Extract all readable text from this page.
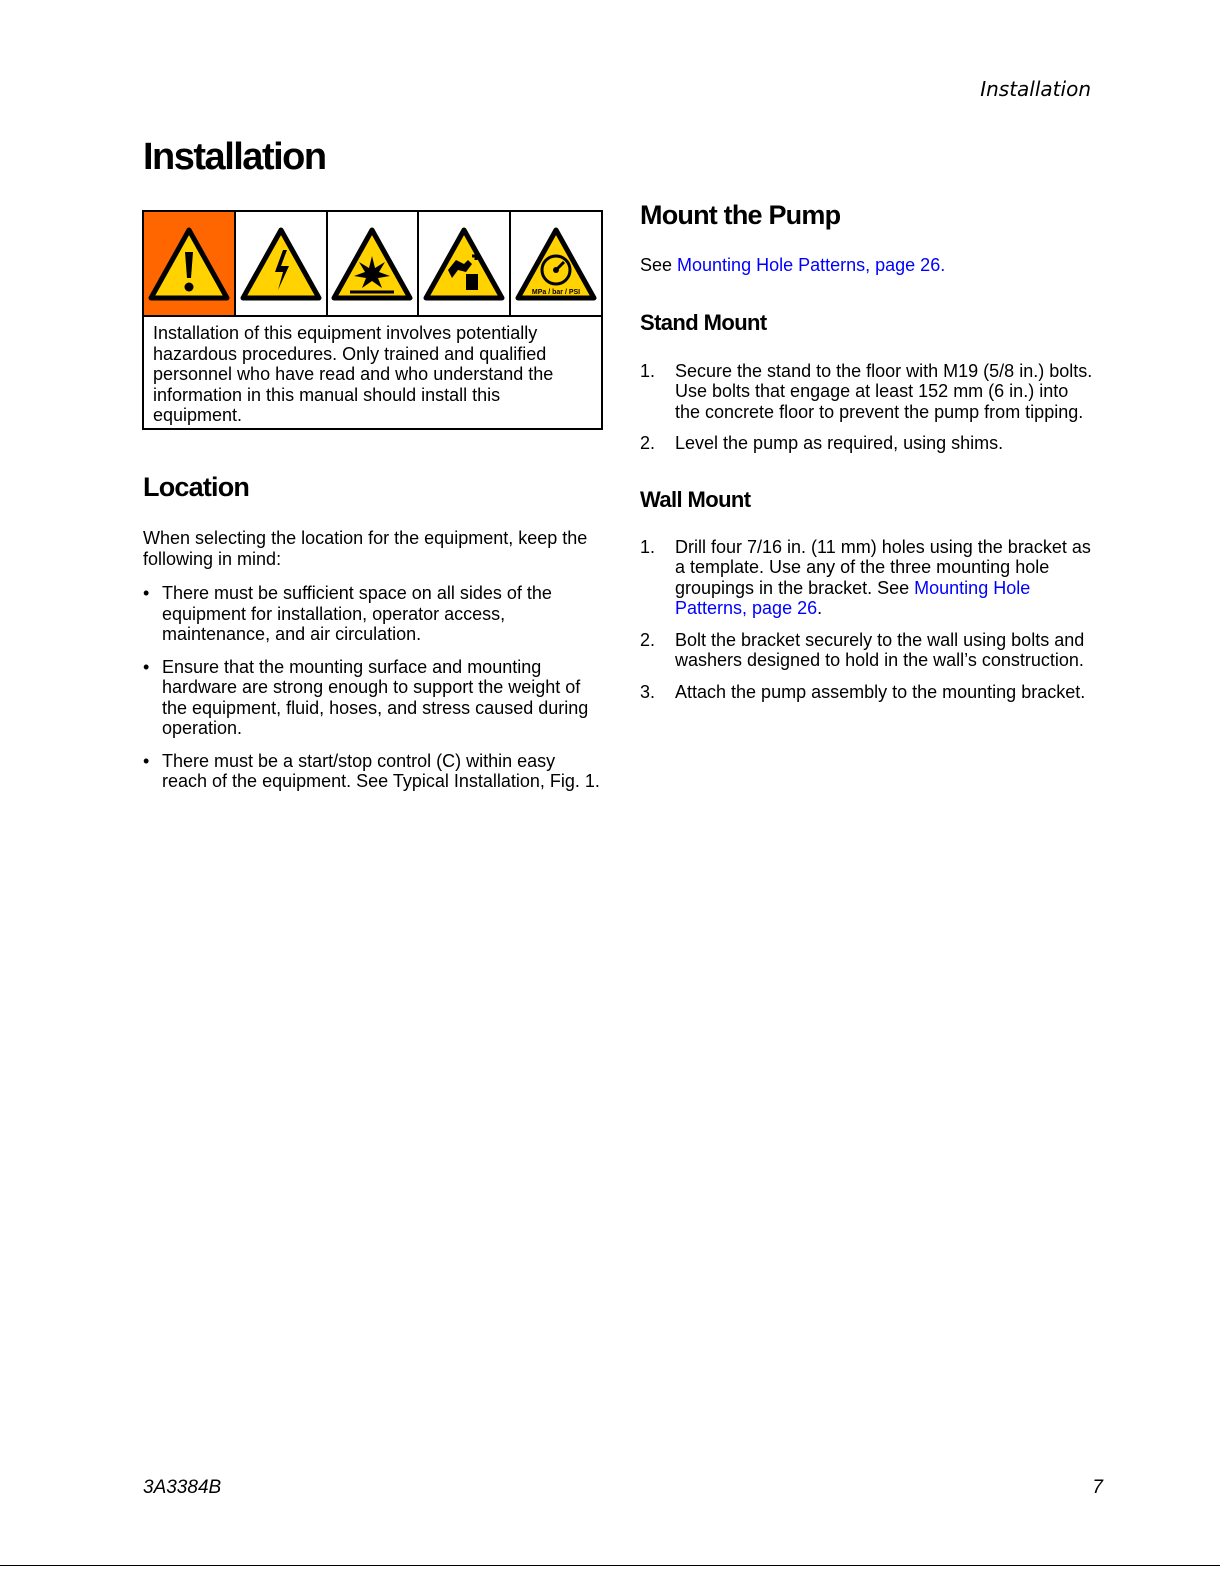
Installation
Installation
MPa / bar / PSI
Installation of this equipment involves potentially hazardous procedures. Only trained and qualified personnel who have read and who understand the information in this manual should install this equipment.
Location

When selecting the location for the equipment, keep the following in mind:

• There must be sufficient space on all sides of the equipment for installation, operator access, maintenance, and air circulation.
• Ensure that the mounting surface and mounting hardware are strong enough to support the weight of the equipment, fluid, hoses, and stress caused during operation.
• There must be a start/stop control (C) within easy reach of the equipment. See Typical Installation, Fig. 1.
Mount the Pump

See Mounting Hole Patterns, page 26.

Stand Mount
1. Secure the stand to the floor with M19 (5/8 in.) bolts. Use bolts that engage at least 152 mm (6 in.) into the concrete floor to prevent the pump from tipping.
2. Level the pump as required, using shims.
Wall Mount
1. Drill four 7/16 in. (11 mm) holes using the bracket as a template. Use any of the three mounting hole groupings in the bracket. See Mounting Hole Patterns, page 26.
2. Bolt the bracket securely to the wall using bolts and washers designed to hold in the wall’s construction.
3. Attach the pump assembly to the mounting bracket.
3A3384B	7
